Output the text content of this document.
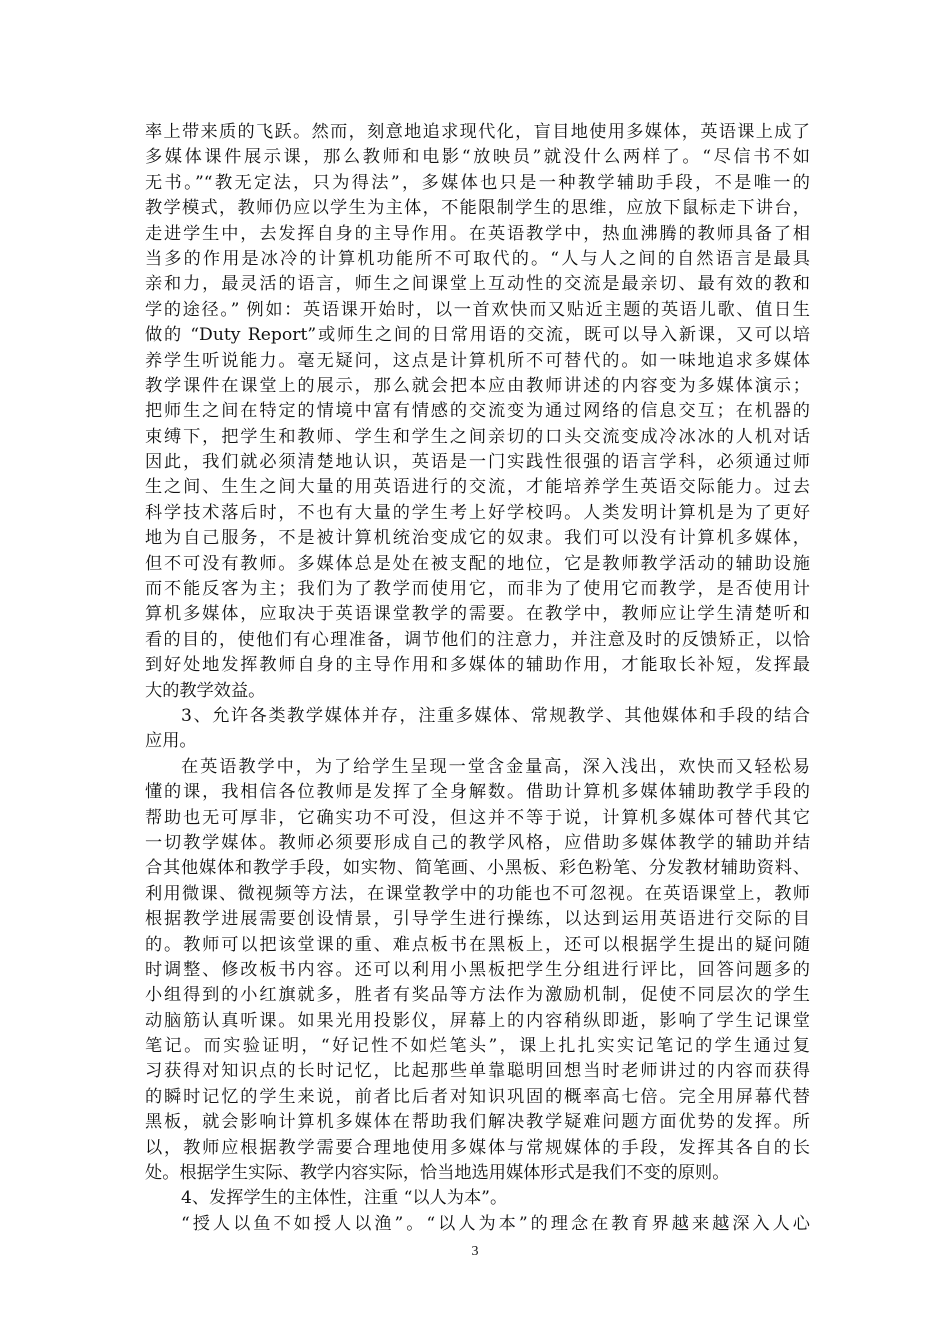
率上带来质的飞跃。然而，刻意地追求现代化，盲目地使用多媒体，英语课上成了
多媒体课件展示课，那么教师和电影“放映员”就没什么两样了。“尽信书不如
无书。”“教无定法，只为得法”，多媒体也只是一种教学辅助手段，不是唯一的
教学模式，教师仍应以学生为主体，不能限制学生的思维，应放下鼠标走下讲台，
走进学生中，去发挥自身的主导作用。在英语教学中，热血沸腾的教师具备了相
当多的作用是冰冷的计算机功能所不可取代的。“人与人之间的自然语言是最具
亲和力，最灵活的语言，师生之间课堂上互动性的交流是最亲切、最有效的教和
学的途径。” 例如：英语课开始时，以一首欢快而又贴近主题的英语儿歌、值日生
做的 “Duty Report”或师生之间的日常用语的交流，既可以导入新课，又可以培
养学生听说能力。毫无疑问，这点是计算机所不可替代的。如一味地追求多媒体
教学课件在课堂上的展示，那么就会把本应由教师讲述的内容变为多媒体演示；
把师生之间在特定的情境中富有情感的交流变为通过网络的信息交互；在机器的
束缚下，把学生和教师、学生和学生之间亲切的口头交流变成冷冰冰的人机对话
因此，我们就必须清楚地认识，英语是一门实践性很强的语言学科，必须通过师
生之间、生生之间大量的用英语进行的交流，才能培养学生英语交际能力。过去
科学技术落后时，不也有大量的学生考上好学校吗。人类发明计算机是为了更好
地为自己服务，不是被计算机统治变成它的奴隶。我们可以没有计算机多媒体，
但不可没有教师。多媒体总是处在被支配的地位，它是教师教学活动的辅助设施
而不能反客为主；我们为了教学而使用它，而非为了使用它而教学，是否使用计
算机多媒体，应取决于英语课堂教学的需要。在教学中，教师应让学生清楚听和
看的目的，使他们有心理准备，调节他们的注意力，并注意及时的反馈矫正，以恰
到好处地发挥教师自身的主导作用和多媒体的辅助作用，才能取长补短，发挥最
大的教学效益。
3、允许各类教学媒体并存，注重多媒体、常规教学、其他媒体和手段的结合
应用。
在英语教学中，为了给学生呈现一堂含金量高，深入浅出，欢快而又轻松易
懂的课，我相信各位教师是发挥了全身解数。借助计算机多媒体辅助教学手段的
帮助也无可厚非，它确实功不可没，但这并不等于说，计算机多媒体可替代其它
一切教学媒体。教师必须要形成自己的教学风格，应借助多媒体教学的辅助并结
合其他媒体和教学手段，如实物、简笔画、小黑板、彩色粉笔、分发教材辅助资料、
利用微课、微视频等方法，在课堂教学中的功能也不可忽视。在英语课堂上，教师
根据教学进展需要创设情景，引导学生进行操练，以达到运用英语进行交际的目
的。教师可以把该堂课的重、难点板书在黑板上，还可以根据学生提出的疑问随
时调整、修改板书内容。还可以利用小黑板把学生分组进行评比，回答问题多的
小组得到的小红旗就多，胜者有奖品等方法作为激励机制，促使不同层次的学生
动脑筋认真听课。如果光用投影仪，屏幕上的内容稍纵即逝，影响了学生记课堂
笔记。而实验证明，“好记性不如烂笔头”，课上扎扎实实记笔记的学生通过复
习获得对知识点的长时记忆，比起那些单靠聪明回想当时老师讲过的内容而获得
的瞬时记忆的学生来说，前者比后者对知识巩固的概率高七倍。完全用屏幕代替
黑板，就会影响计算机多媒体在帮助我们解决教学疑难问题方面优势的发挥。所
以，教师应根据教学需要合理地使用多媒体与常规媒体的手段，发挥其各自的长
处。根据学生实际、教学内容实际，恰当地选用媒体形式是我们不变的原则。
4、发挥学生的主体性，注重 “以人为本”。
“授人以鱼不如授人以渔”。“以人为本”的理念在教育界越来越深入人心
3
